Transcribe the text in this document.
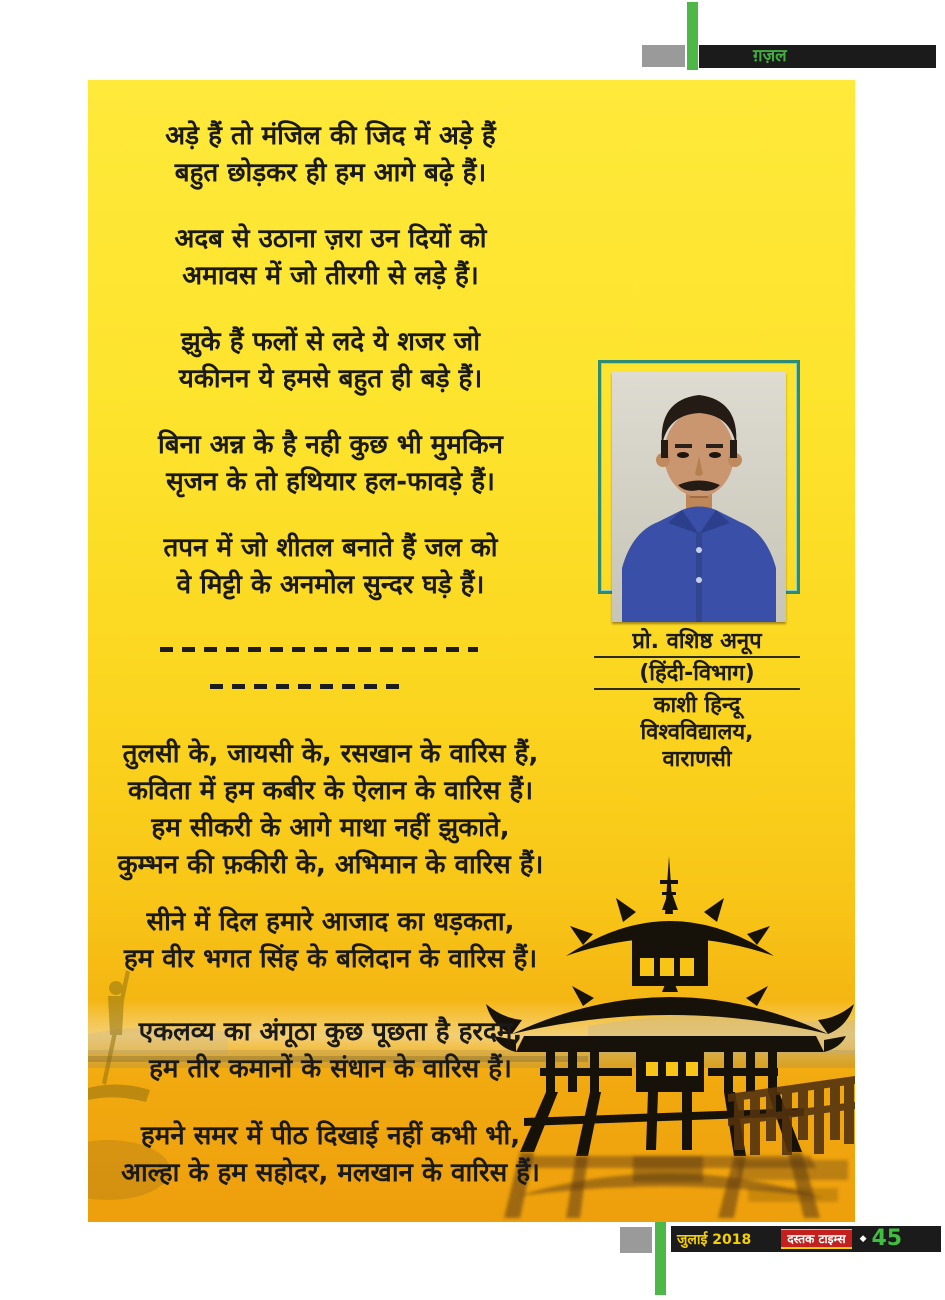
ग़ज़ल
अड़े हैं तो मंजिल की जिद में अड़े हैं
बहुत छोड़कर ही हम आगे बढ़े हैं।
अदब से उठाना ज़रा उन दियों को
अमावस में जो तीरगी से लड़े हैं।
झुके हैं फलों से लदे ये शजर जो
यकीनन ये हमसे बहुत ही बड़े हैं।
बिना अन्न के है नही कुछ भी मुमकिन
सृजन के तो हथियार हल-फावड़े हैं।
तपन में जो शीतल बनाते हैं जल को
वे मिट्टी के अनमोल सुन्दर घड़े हैं।
तुलसी के, जायसी के, रसखान के वारिस हैं,
कविता में हम कबीर के ऐलान के वारिस हैं।
हम सीकरी के आगे माथा नहीं झुकाते,
कुम्भन की फ़कीरी के, अभिमान के वारिस हैं।
सीने में दिल हमारे आजाद का धड़कता,
हम वीर भगत सिंह के बलिदान के वारिस हैं।
एकलव्य का अंगूठा कुछ पूछता है हरदम,
हम तीर कमानों के संधान के वारिस हैं।
हमने समर में पीठ दिखाई नहीं कभी भी,
आल्हा के हम सहोदर, मलखान के वारिस हैं।
प्रो. वशिष्ठ अनूप
(हिंदी-विभाग)
काशी हिन्दू
विश्वविद्यालय,
वाराणसी
जुलाई 2018	दस्तक टाइम्स	◆ 45
